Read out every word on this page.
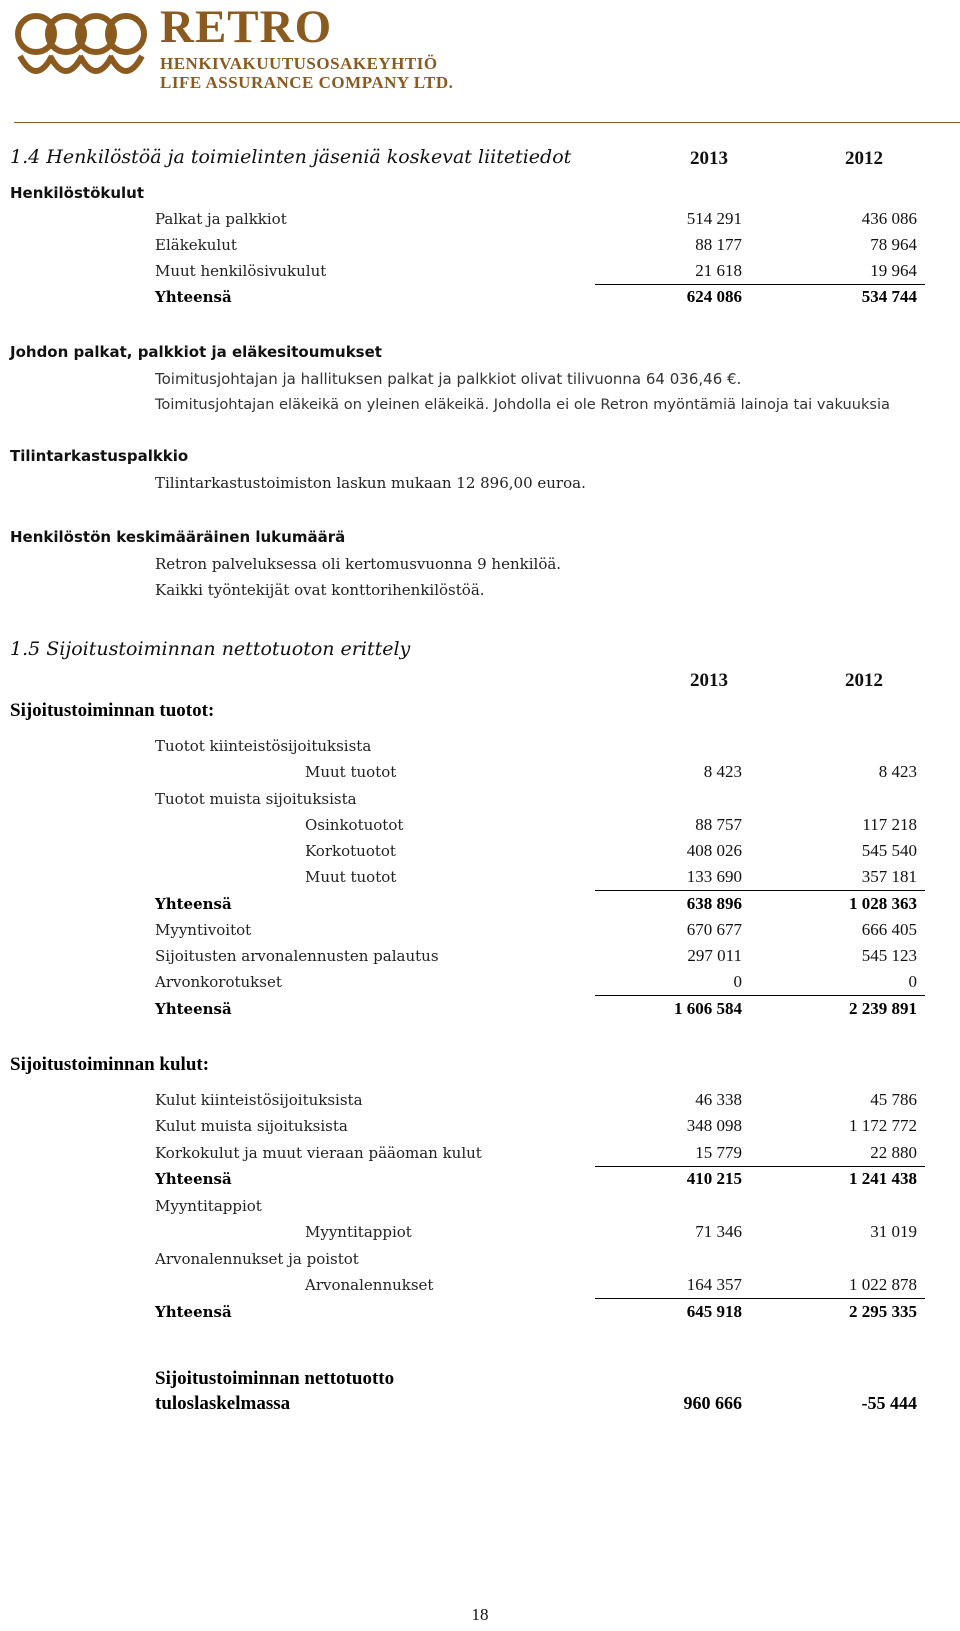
RETRO
HENKIVAKUUTUSOSAKEYHTIÖ
LIFE ASSURANCE COMPANY LTD.
1.4 Henkilöstöä ja toimielinten jäseniä koskevat liitetiedot	2013	2012
Henkilöstökulut
Palkat ja palkkiot	514 291	436 086
Eläkekulut	88 177	78 964
Muut henkilösivukulut	21 618	19 964
Yhteensä	624 086	534 744
Johdon palkat, palkkiot ja eläkesitoumukset
Toimitusjohtajan ja hallituksen palkat ja palkkiot olivat tilivuonna 64 036,46 €.
Toimitusjohtajan eläkeikä on yleinen eläkeikä. Johdolla ei ole Retron myöntämiä lainoja tai vakuuksia
Tilintarkastuspalkkio
Tilintarkastustoimiston laskun mukaan 12 896,00 euroa.
Henkilöstön keskimääräinen lukumäärä
Retron palveluksessa oli kertomusvuonna 9 henkilöä.
Kaikki työntekijät ovat konttorihenkilöstöä.
1.5 Sijoitustoiminnan nettotuoton erittely
2013	2012
Sijoitustoiminnan tuotot:
Tuotot kiinteistösijoituksista
Muut tuotot	8 423	8 423
Tuotot muista sijoituksista
Osinkotuotot	88 757	117 218
Korkotuotot	408 026	545 540
Muut tuotot	133 690	357 181
Yhteensä	638 896	1 028 363
Myyntivoitot	670 677	666 405
Sijoitusten arvonalennusten palautus	297 011	545 123
Arvonkorotukset	0	0
Yhteensä	1 606 584	2 239 891
Sijoitustoiminnan kulut:
Kulut kiinteistösijoituksista	46 338	45 786
Kulut muista sijoituksista	348 098	1 172 772
Korkokulut ja muut vieraan pääoman kulut	15 779	22 880
Yhteensä	410 215	1 241 438
Myyntitappiot
Myyntitappiot	71 346	31 019
Arvonalennukset ja poistot
Arvonalennukset	164 357	1 022 878
Yhteensä	645 918	2 295 335
Sijoitustoiminnan nettotuotto
tuloslaskelmassa	960 666	-55 444
18
